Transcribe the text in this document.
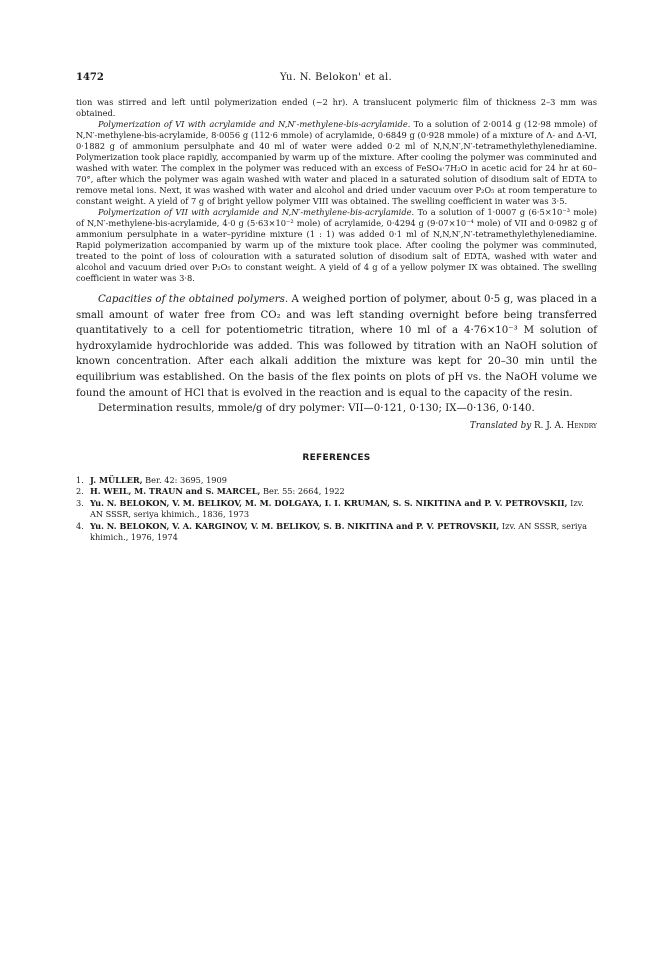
1472	Yu. N. Belokon' et al.

tion was stirred and left until polymerization ended (~2 hr). A translucent polymeric film of thickness 2–3 mm was obtained.

Polymerization of VI with acrylamide and N,N′-methylene-bis-acrylamide. To a solution of 2·0014 g (12·98 mmole) of N,N′-methylene-bis-acrylamide, 8·0056 g (112·6 mmole) of acrylamide, 0·6849 g (0·928 mmole) of a mixture of Λ- and Δ-VI, 0·1882 g of ammonium persulphate and 40 ml of water were added 0·2 ml of N,N,N′,N′-tetramethylethylenediamine. Polymerization took place rapidly, accompanied by warm up of the mixture. After cooling the polymer was comminuted and washed with water. The complex in the polymer was reduced with an excess of FeSO₄·7H₂O in acetic acid for 24 hr at 60–70°, after which the polymer was again washed with water and placed in a saturated solution of disodium salt of EDTA to remove metal ions. Next, it was washed with water and alcohol and dried under vacuum over P₂O₅ at room temperature to constant weight. A yield of 7 g of bright yellow polymer VIII was obtained. The swelling coefficient in water was 3·5.

Polymerization of VII with acrylamide and N,N′-methylene-bis-acrylamide. To a solution of 1·0007 g (6·5×10⁻³ mole) of N,N′-methylene-bis-acrylamide, 4·0 g (5·63×10⁻² mole) of acrylamide, 0·4294 g (9·07×10⁻⁴ mole) of VII and 0·0982 g of ammonium persulphate in a water–pyridine mixture (1 : 1) was added 0·1 ml of N,N,N′,N′-tetramethylethylenediamine. Rapid polymerization accompanied by warm up of the mixture took place. After cooling the polymer was comminuted, treated to the point of loss of colouration with a saturated solution of disodium salt of EDTA, washed with water and alcohol and vacuum dried over P₂O₅ to constant weight. A yield of 4 g of a yellow polymer IX was obtained. The swelling coefficient in water was 3·8.

Capacities of the obtained polymers. A weighed portion of polymer, about 0·5 g, was placed in a small amount of water free from CO₂ and was left standing overnight before being transferred quantitatively to a cell for potentiometric titration, where 10 ml of a 4·76×10⁻³ M solution of hydroxylamide hydrochloride was added. This was followed by titration with an NaOH solution of known concentration. After each alkali addition the mixture was kept for 20–30 min until the equilibrium was established. On the basis of the flex points on plots of pH vs. the NaOH volume we found the amount of HCl that is evolved in the reaction and is equal to the capacity of the resin.

Determination results, mmole/g of dry polymer: VII—0·121, 0·130; IX—0·136, 0·140.

Translated by R. J. A. Hendry
REFERENCES
1. J. MÜLLER, Ber. 42: 3695, 1909
2. H. WEIL, M. TRAUN and S. MARCEL, Ber. 55: 2664, 1922
3. Yu. N. BELOKON, V. M. BELIKOV, M. M. DOLGAYA, I. I. KRUMAN, S. S. NIKITINA and P. V. PETROVSKII, Izv. AN SSSR, seriya khimich., 1836, 1973
4. Yu. N. BELOKON, V. A. KARGINOV, V. M. BELIKOV, S. B. NIKITINA and P. V. PETROVSKII, Izv. AN SSSR, seriya khimich., 1976, 1974
